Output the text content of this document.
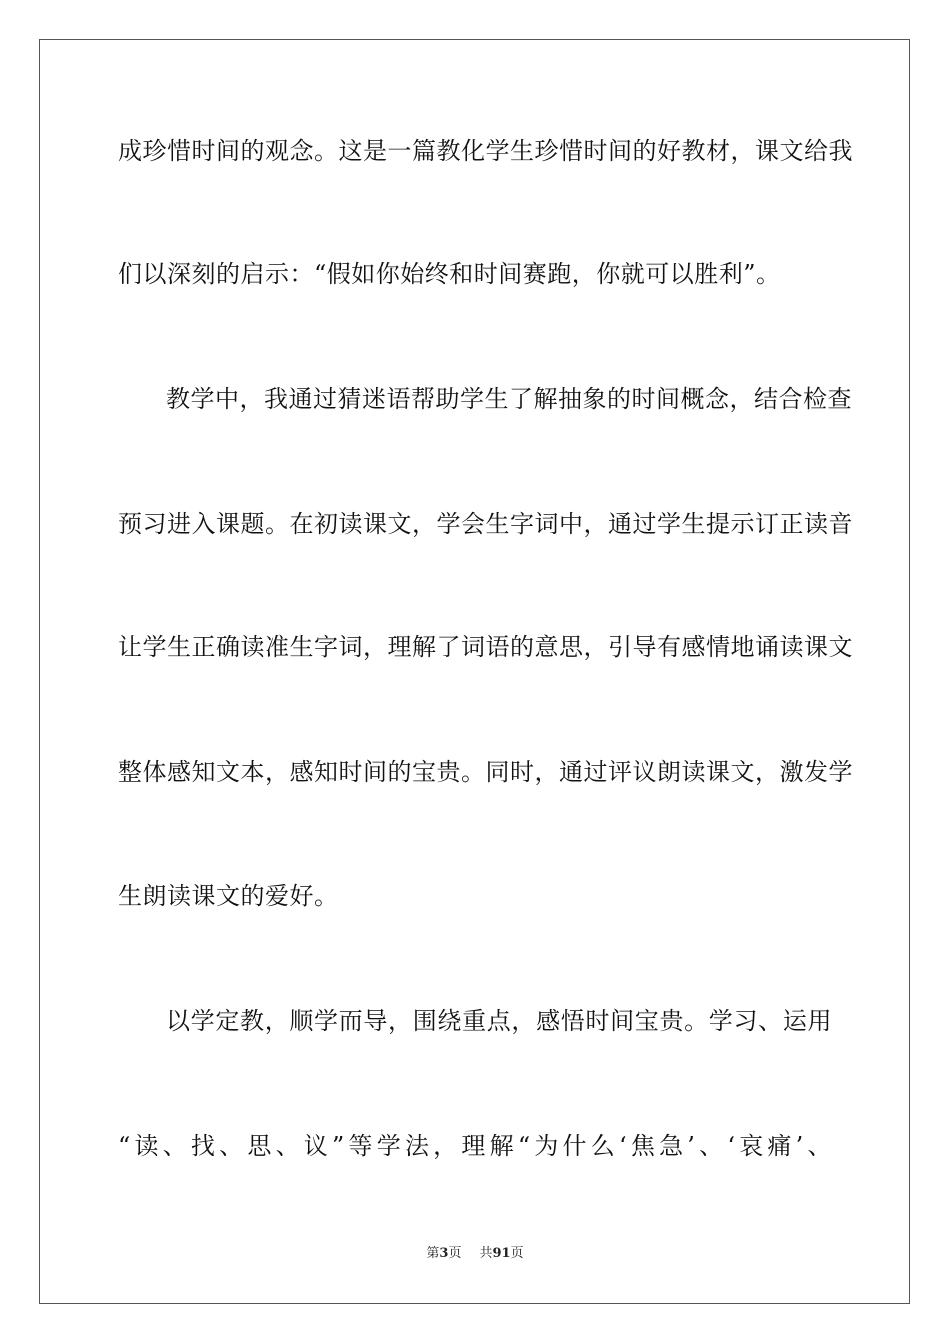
成珍惜时间的观念。这是一篇教化学生珍惜时间的好教材，课文给我
们以深刻的启示：“假如你始终和时间赛跑，你就可以胜利”。
教学中，我通过猜迷语帮助学生了解抽象的时间概念，结合检查
预习进入课题。在初读课文，学会生字词中，通过学生提示订正读音
让学生正确读准生字词，理解了词语的意思，引导有感情地诵读课文
整体感知文本，感知时间的宝贵。同时，通过评议朗读课文，激发学
生朗读课文的爱好。
以学定教，顺学而导，围绕重点，感悟时间宝贵。学习、运用
“读、找、思、议”等学法，理解“为什么‘焦急’、‘哀痛’、
第3页 共91页
